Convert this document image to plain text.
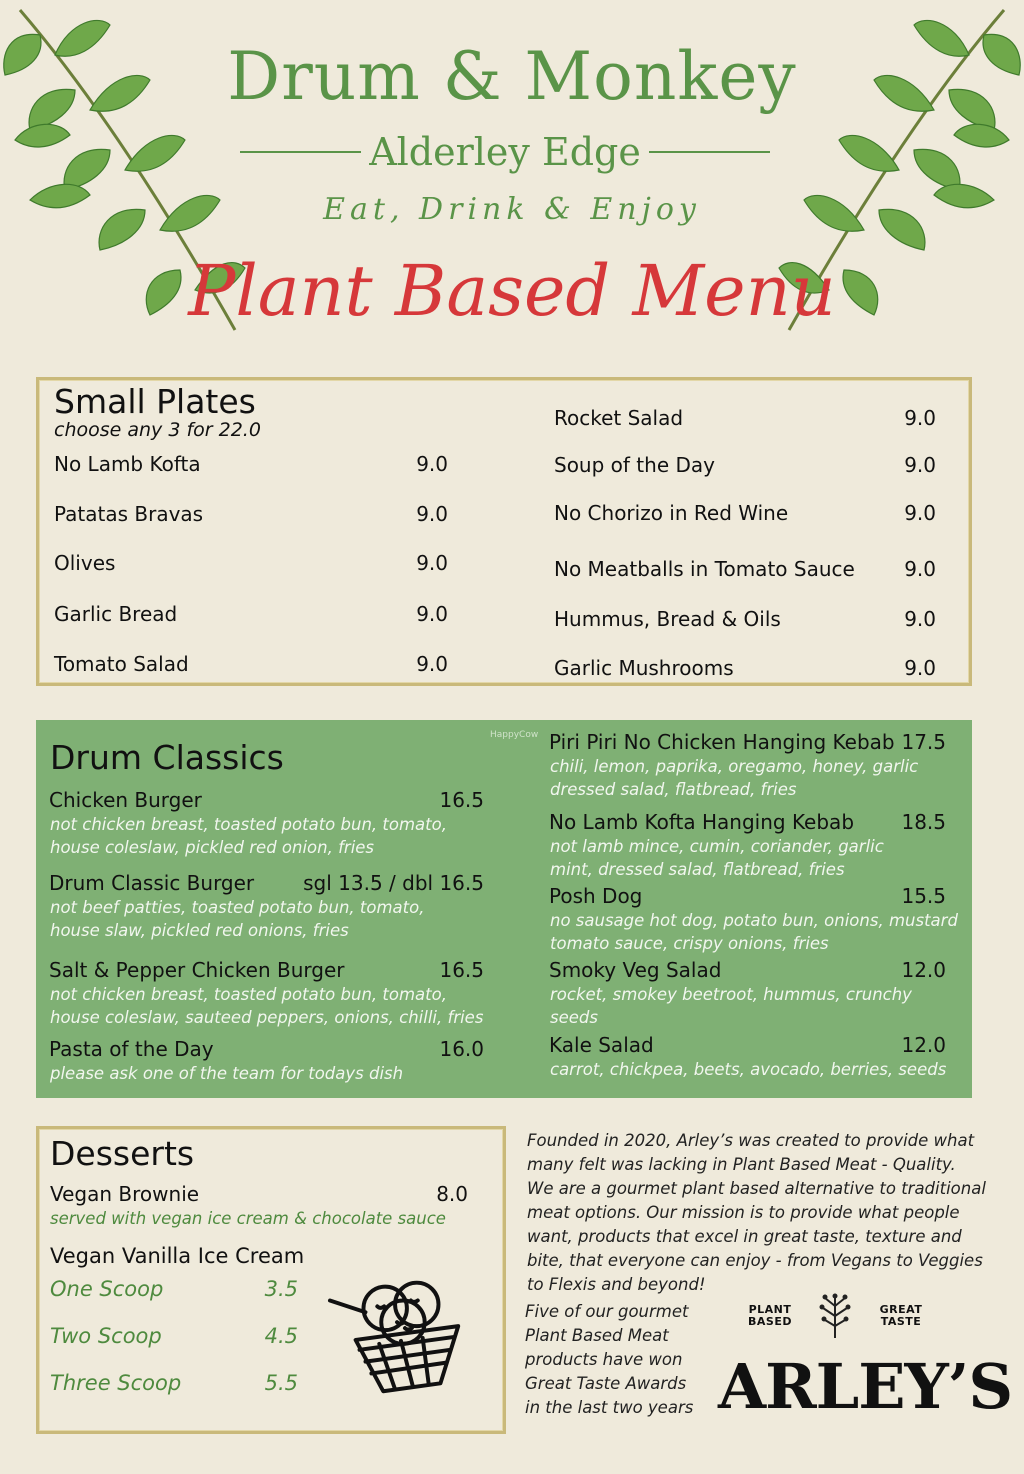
Drum & Monkey
Alderley Edge
Eat, Drink & Enjoy
Plant Based Menu
Small Plates
choose any 3 for 22.0
No Lamb Kofta	9.0
Patatas Bravas	9.0
Olives	9.0
Garlic Bread	9.0
Tomato Salad	9.0
Rocket Salad	9.0
Soup of the Day	9.0
No Chorizo in Red Wine	9.0
No Meatballs in Tomato Sauce	9.0
Hummus, Bread & Oils	9.0
Garlic Mushrooms	9.0
Drum Classics
HappyCow
Chicken Burger	16.5
not chicken breast, toasted potato bun, tomato,
house coleslaw, pickled red onion, fries
Drum Classic Burger	sgl 13.5 / dbl 16.5
not beef patties, toasted potato bun, tomato,
house slaw, pickled red onions, fries
Salt & Pepper Chicken Burger	16.5
not chicken breast, toasted potato bun, tomato,
house coleslaw, sauteed peppers, onions, chilli, fries
Pasta of the Day	16.0
please ask one of the team for todays dish
Piri Piri No Chicken Hanging Kebab 17.5
chili, lemon, paprika, oregamo, honey, garlic
dressed salad, flatbread, fries
No Lamb Kofta Hanging Kebab	18.5
not lamb mince, cumin, coriander, garlic
mint, dressed salad, flatbread, fries
Posh Dog	15.5
no sausage hot dog, potato bun, onions, mustard
tomato sauce, crispy onions, fries
Smoky Veg Salad	12.0
rocket, smokey beetroot, hummus, crunchy
seeds
Kale Salad	12.0
carrot, chickpea, beets, avocado, berries, seeds
Desserts
Vegan Brownie	8.0
served with vegan ice cream & chocolate sauce
Vegan Vanilla Ice Cream
One Scoop	3.5
Two Scoop	4.5
Three Scoop	5.5
Founded in 2020, Arley’s was created to provide what
many felt was lacking in Plant Based Meat - Quality.
We are a gourmet plant based alternative to traditional
meat options. Our mission is to provide what people
want, products that excel in great taste, texture and
bite, that everyone can enjoy - from Vegans to Veggies
to Flexis and beyond!
Five of our gourmet
Plant Based Meat
products have won
Great Taste Awards
in the last two years
PLANT BASED
GREAT TASTE
ARLEY’S
